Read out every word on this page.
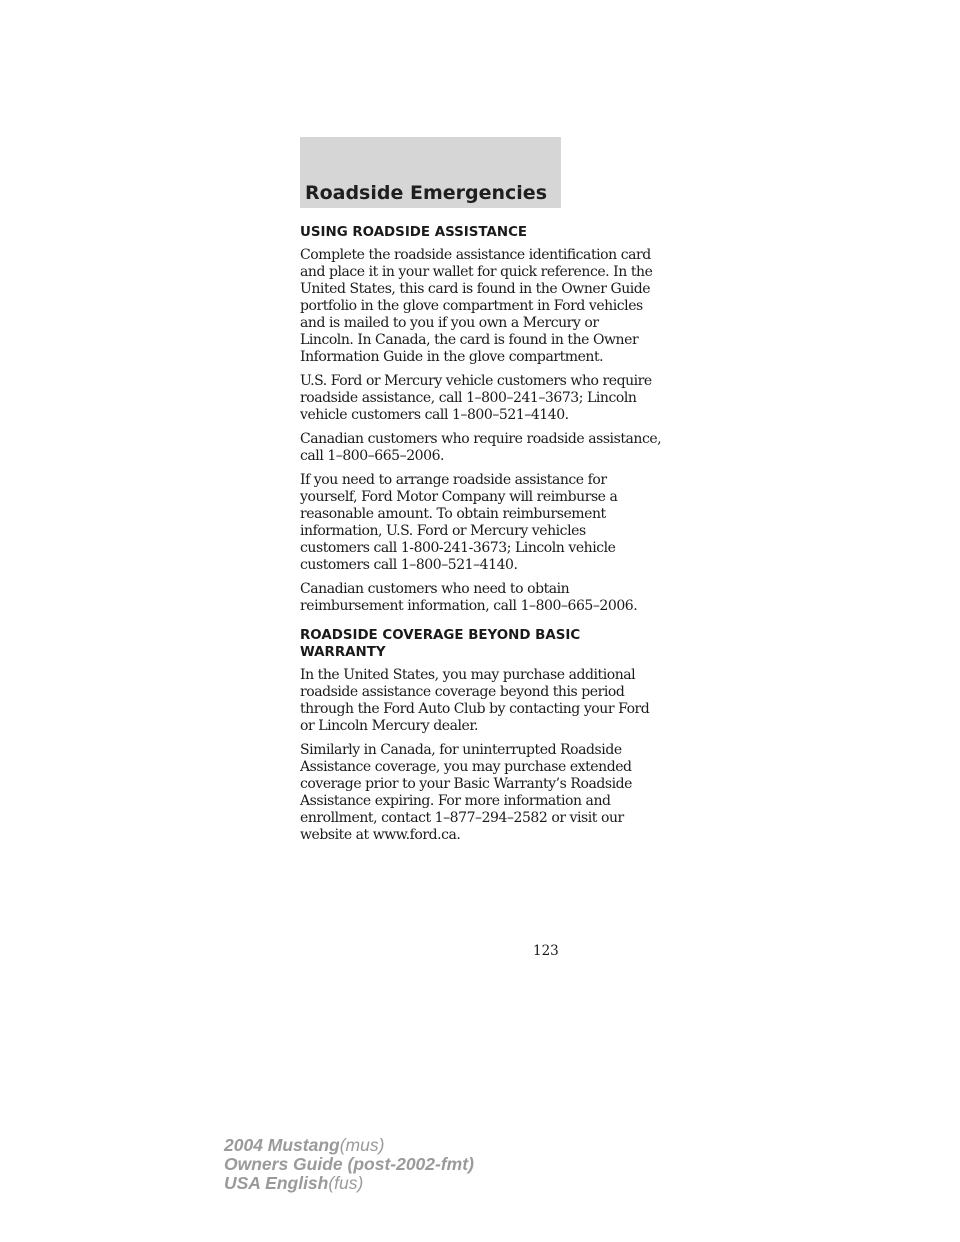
Roadside Emergencies
USING ROADSIDE ASSISTANCE

Complete the roadside assistance identification card
and place it in your wallet for quick reference. In the
United States, this card is found in the Owner Guide
portfolio in the glove compartment in Ford vehicles
and is mailed to you if you own a Mercury or
Lincoln. In Canada, the card is found in the Owner
Information Guide in the glove compartment.

U.S. Ford or Mercury vehicle customers who require
roadside assistance, call 1–800–241–3673; Lincoln
vehicle customers call 1–800–521–4140.

Canadian customers who require roadside assistance,
call 1–800–665–2006.

If you need to arrange roadside assistance for
yourself, Ford Motor Company will reimburse a
reasonable amount. To obtain reimbursement
information, U.S. Ford or Mercury vehicles
customers call 1-800-241-3673; Lincoln vehicle
customers call 1–800–521–4140.

Canadian customers who need to obtain
reimbursement information, call 1–800–665–2006.

ROADSIDE COVERAGE BEYOND BASIC
WARRANTY

In the United States, you may purchase additional
roadside assistance coverage beyond this period
through the Ford Auto Club by contacting your Ford
or Lincoln Mercury dealer.

Similarly in Canada, for uninterrupted Roadside
Assistance coverage, you may purchase extended
coverage prior to your Basic Warranty’s Roadside
Assistance expiring. For more information and
enrollment, contact 1–877–294–2582 or visit our
website at www.ford.ca.

123

2004 Mustang(mus)
Owners Guide (post-2002-fmt)
USA English(fus)
